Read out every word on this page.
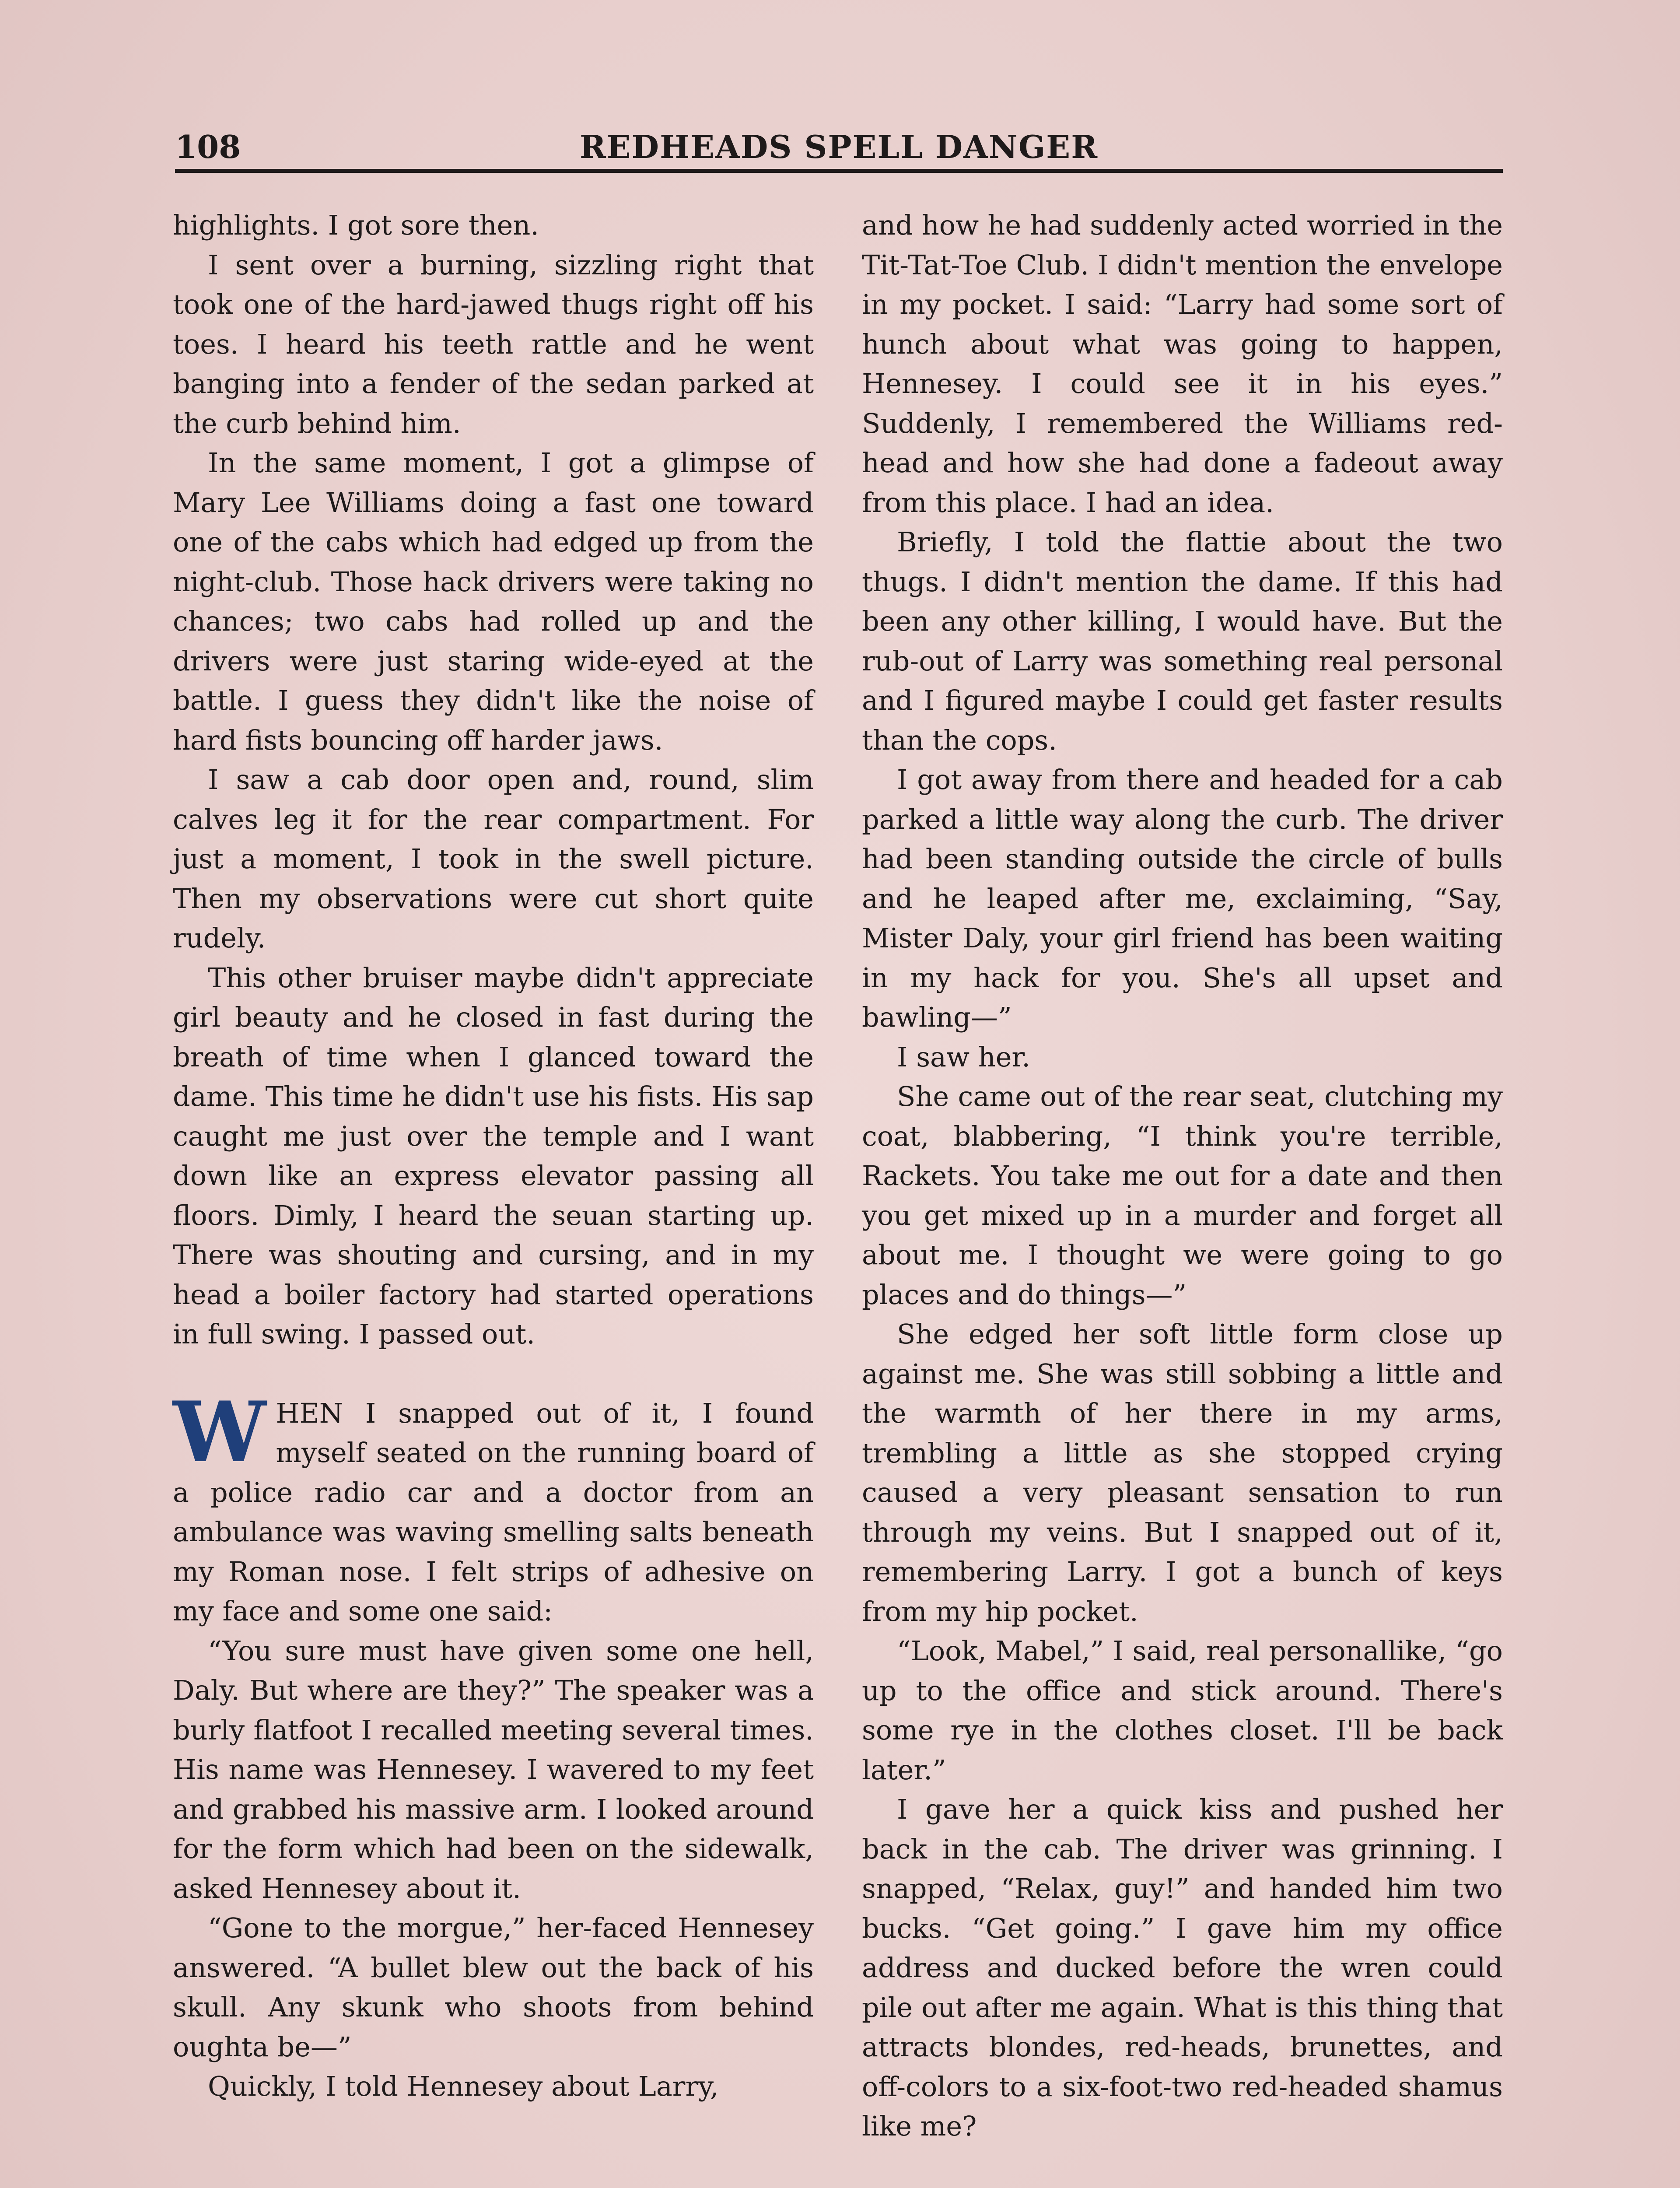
108	REDHEADS SPELL DANGER

highlights. I got sore then.

I sent over a burning, sizzling right that took one of the hard-jawed thugs right off his toes. I heard his teeth rattle and he went banging into a fender of the sedan parked at the curb behind him.

In the same moment, I got a glimpse of Mary Lee Williams doing a fast one toward one of the cabs which had edged up from the night-club. Those hack drivers were taking no chances; two cabs had rolled up and the drivers were just staring wide-eyed at the battle. I guess they didn't like the noise of hard fists bouncing off harder jaws.

I saw a cab door open and, round, slim calves leg it for the rear compartment. For just a moment, I took in the swell picture. Then my observations were cut short quite rudely.

This other bruiser maybe didn't appreciate girl beauty and he closed in fast during the breath of time when I glanced toward the dame. This time he didn't use his fists. His sap caught me just over the temple and I want down like an express elevator passing all floors. Dimly, I heard the seuan starting up. There was shouting and cursing, and in my head a boiler factory had started operations in full swing. I passed out.

WHEN I snapped out of it, I found myself seated on the running board of a police radio car and a doctor from an ambulance was waving smelling salts beneath my Roman nose. I felt strips of adhesive on my face and some one said:

“You sure must have given some one hell, Daly. But where are they?” The speaker was a burly flatfoot I recalled meeting several times. His name was Hennesey. I wavered to my feet and grabbed his massive arm. I looked around for the form which had been on the sidewalk, asked Hennesey about it.

“Gone to the morgue,” her-faced Hennesey answered. “A bullet blew out the back of his skull. Any skunk who shoots from behind oughta be—”

Quickly, I told Hennesey about Larry,

and how he had suddenly acted worried in the Tit-Tat-Toe Club. I didn't mention the envelope in my pocket. I said: “Larry had some sort of hunch about what was going to happen, Hennesey. I could see it in his eyes.” Suddenly, I remembered the Williams red-head and how she had done a fadeout away from this place. I had an idea.

Briefly, I told the flattie about the two thugs. I didn't mention the dame. If this had been any other killing, I would have. But the rub-out of Larry was something real personal and I figured maybe I could get faster results than the cops.

I got away from there and headed for a cab parked a little way along the curb. The driver had been standing outside the circle of bulls and he leaped after me, exclaiming, “Say, Mister Daly, your girl friend has been waiting in my hack for you. She's all upset and bawling—”

I saw her.

She came out of the rear seat, clutching my coat, blabbering, “I think you're terrible, Rackets. You take me out for a date and then you get mixed up in a murder and forget all about me. I thought we were going to go places and do things—”

She edged her soft little form close up against me. She was still sobbing a little and the warmth of her there in my arms, trembling a little as she stopped crying caused a very pleasant sensation to run through my veins. But I snapped out of it, remembering Larry. I got a bunch of keys from my hip pocket.

“Look, Mabel,” I said, real personallike, “go up to the office and stick around. There's some rye in the clothes closet. I'll be back later.”

I gave her a quick kiss and pushed her back in the cab. The driver was grinning. I snapped, “Relax, guy!” and handed him two bucks. “Get going.” I gave him my office address and ducked before the wren could pile out after me again. What is this thing that attracts blondes, red-heads, brunettes, and off-colors to a six-foot-two red-headed shamus like me?
